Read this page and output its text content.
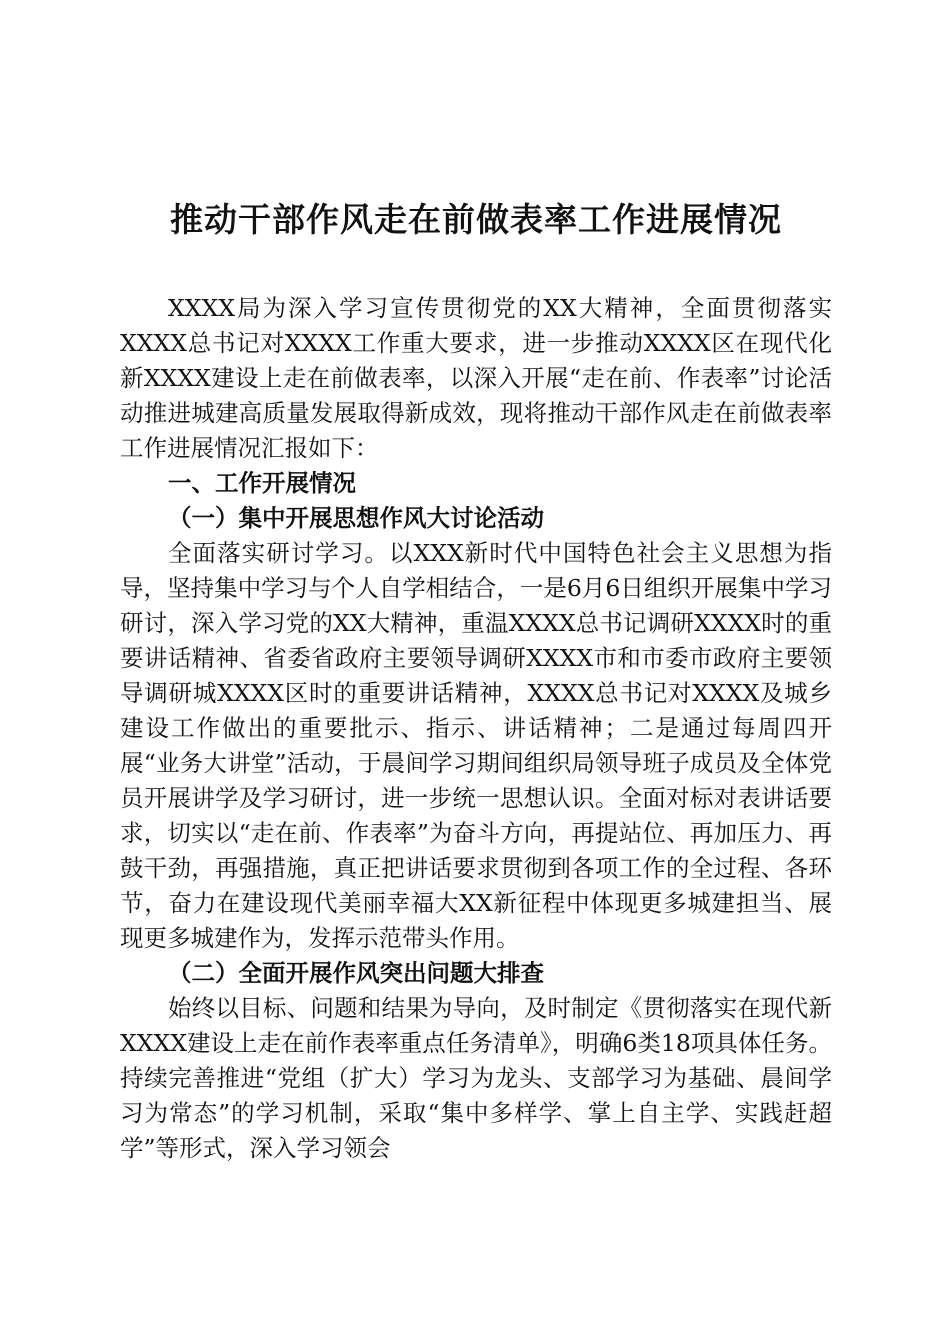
推动干部作风走在前做表率工作进展情况

XXXX局为深入学习宣传贯彻党的XX大精神，全面贯彻落实XXXX总书记对XXXX工作重大要求，进一步推动XXXX区在现代化新XXXX建设上走在前做表率，以深入开展“走在前、作表率”讨论活动推进城建高质量发展取得新成效，现将推动干部作风走在前做表率工作进展情况汇报如下：

一、工作开展情况
（一）集中开展思想作风大讨论活动

全面落实研讨学习。以XXX新时代中国特色社会主义思想为指导，坚持集中学习与个人自学相结合，一是6月6日组织开展集中学习研讨，深入学习党的XX大精神，重温XXXX总书记调研XXXX时的重要讲话精神、省委省政府主要领导调研XXXX市和市委市政府主要领导调研城XXXX区时的重要讲话精神，XXXX总书记对XXXX及城乡建设工作做出的重要批示、指示、讲话精神；二是通过每周四开展“业务大讲堂”活动，于晨间学习期间组织局领导班子成员及全体党员开展讲学及学习研讨，进一步统一思想认识。全面对标对表讲话要求，切实以“走在前、作表率”为奋斗方向，再提站位、再加压力、再鼓干劲，再强措施，真正把讲话要求贯彻到各项工作的全过程、各环节，奋力在建设现代美丽幸福大XX新征程中体现更多城建担当、展现更多城建作为，发挥示范带头作用。

（二）全面开展作风突出问题大排查

始终以目标、问题和结果为导向，及时制定《贯彻落实在现代新XXXX建设上走在前作表率重点任务清单》，明确6类18项具体任务。持续完善推进“党组（扩大）学习为龙头、支部学习为基础、晨间学习为常态”的学习机制，采取“集中多样学、掌上自主学、实践赶超学”等形式，深入学习领会
